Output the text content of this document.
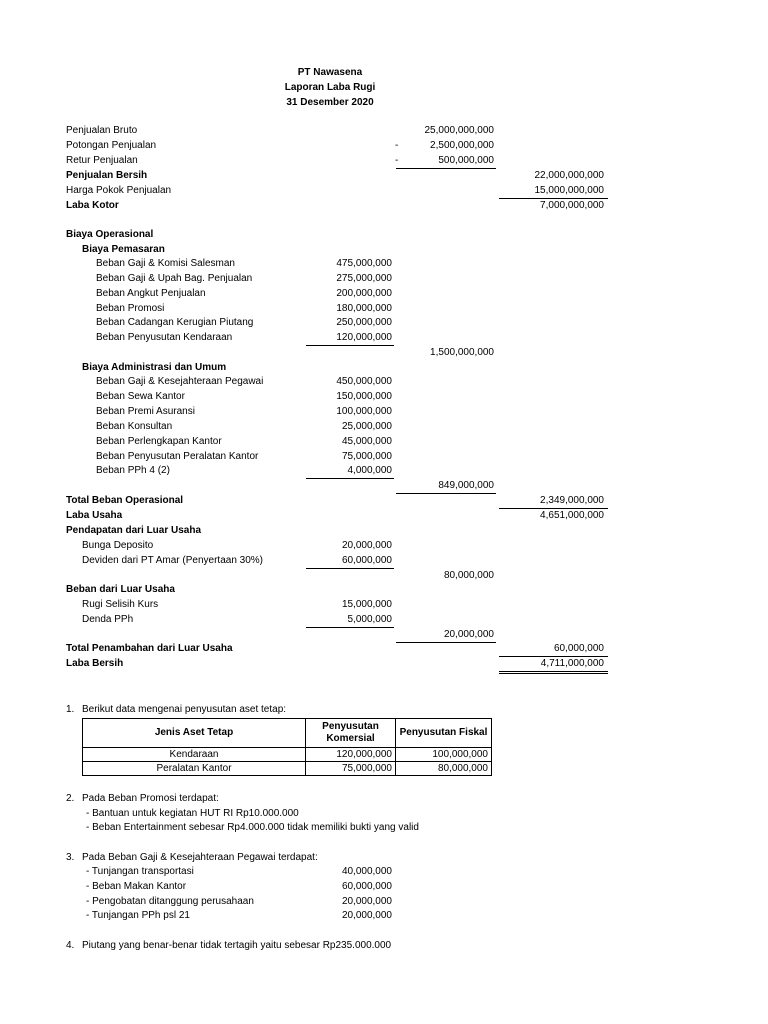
PT Nawasena
Laporan Laba Rugi
31 Desember 2020
Penjualan Bruto	25,000,000,000
Potongan Penjualan	-	2,500,000,000
Retur Penjualan	-	500,000,000
Penjualan Bersih	22,000,000,000
Harga Pokok Penjualan	15,000,000,000
Laba Kotor	7,000,000,000
Biaya Operasional
Biaya Pemasaran
Beban Gaji & Komisi Salesman	475,000,000
Beban Gaji & Upah Bag. Penjualan	275,000,000
Beban Angkut Penjualan	200,000,000
Beban Promosi	180,000,000
Beban Cadangan Kerugian Piutang	250,000,000
Beban Penyusutan Kendaraan	120,000,000
1,500,000,000
Biaya Administrasi dan Umum
Beban Gaji & Kesejahteraan Pegawai	450,000,000
Beban Sewa Kantor	150,000,000
Beban Premi Asuransi	100,000,000
Beban Konsultan	25,000,000
Beban Perlengkapan Kantor	45,000,000
Beban Penyusutan Peralatan Kantor	75,000,000
Beban PPh 4 (2)	4,000,000
849,000,000
Total Beban Operasional	2,349,000,000
Laba Usaha	4,651,000,000
Pendapatan dari Luar Usaha
Bunga Deposito	20,000,000
Deviden dari PT Amar (Penyertaan 30%)	60,000,000
80,000,000
Beban dari Luar Usaha
Rugi Selisih Kurs	15,000,000
Denda PPh	5,000,000
20,000,000
Total Penambahan dari Luar Usaha	60,000,000
Laba Bersih	4,711,000,000
1. Berikut data mengenai penyusutan aset tetap:
Jenis Aset Tetap	Penyusutan Komersial	Penyusutan Fiskal
Kendaraan	120,000,000	100,000,000
Peralatan Kantor	75,000,000	80,000,000
2. Pada Beban Promosi terdapat:
- Bantuan untuk kegiatan HUT RI Rp10.000.000
- Beban Entertainment sebesar Rp4.000.000 tidak memiliki bukti yang valid
3. Pada Beban Gaji & Kesejahteraan Pegawai terdapat:
- Tunjangan transportasi	40,000,000
- Beban Makan Kantor	60,000,000
- Pengobatan ditanggung perusahaan	20,000,000
- Tunjangan PPh psl 21	20,000,000
4. Piutang yang benar-benar tidak tertagih yaitu sebesar Rp235.000.000
